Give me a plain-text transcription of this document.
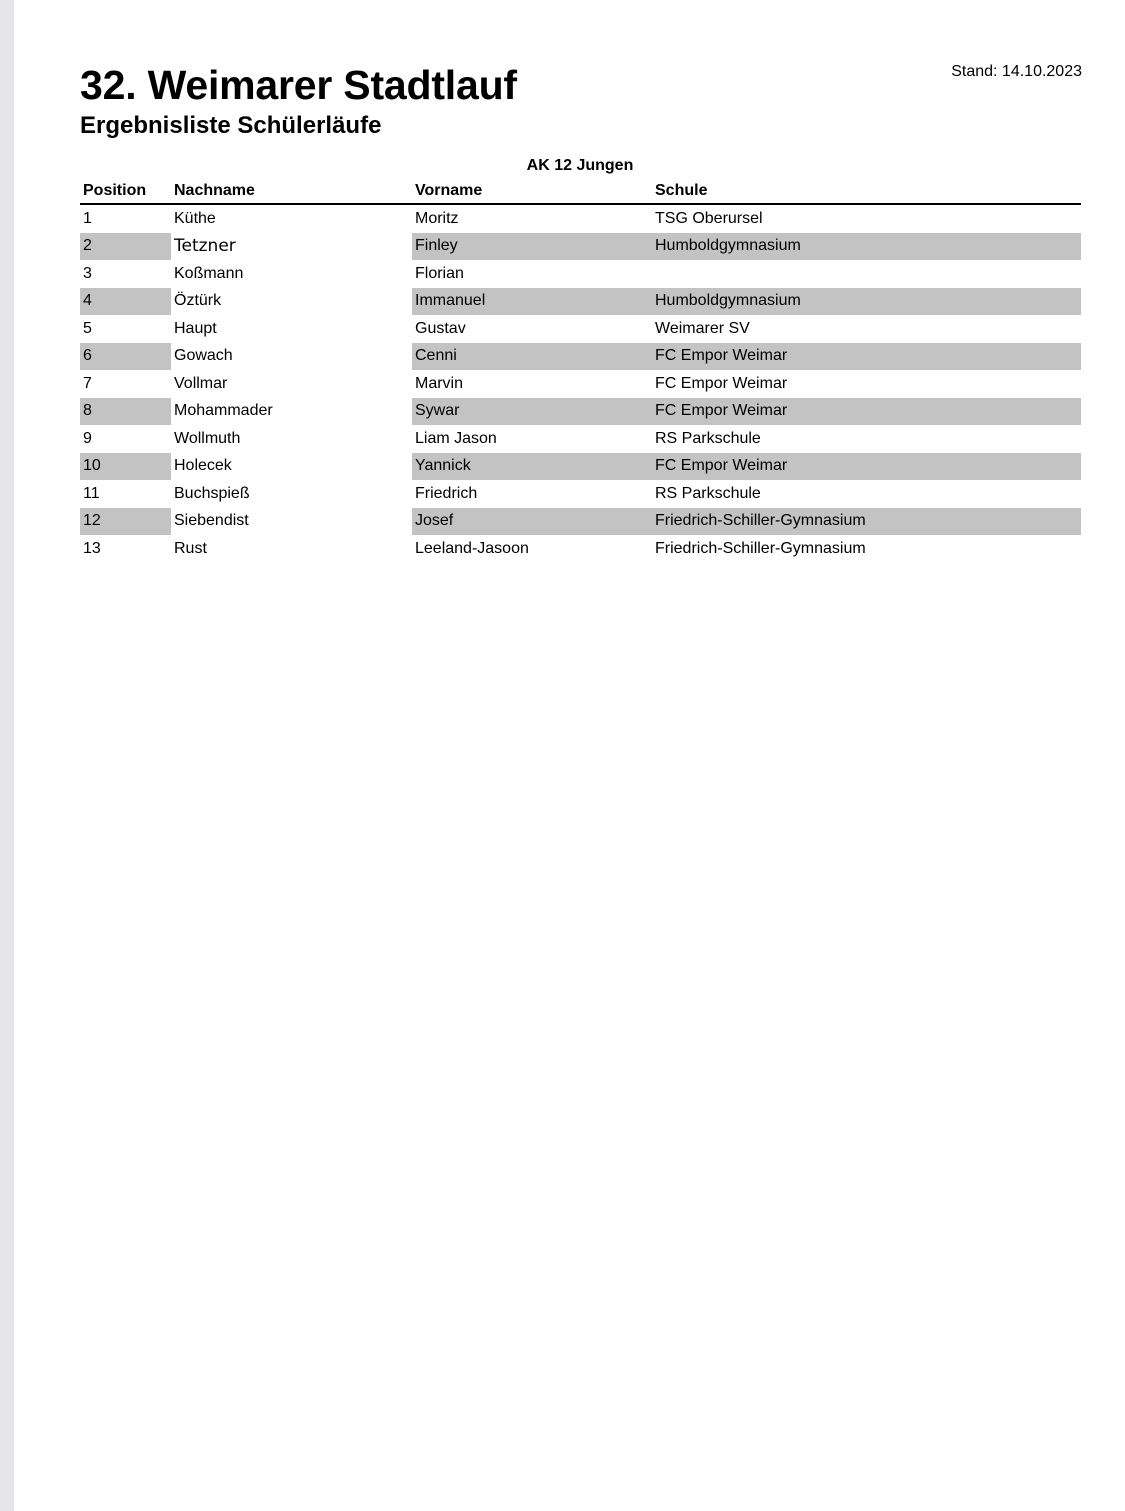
32. Weimarer Stadtlauf
Ergebnisliste Schülerläufe
Stand: 14.10.2023
AK 12 Jungen
Position	Nachname	Vorname	Schule
1	Küthe	Moritz	TSG Oberursel
2	Tetzner	Finley	Humboldgymnasium
3	Koßmann	Florian	
4	Öztürk	Immanuel	Humboldgymnasium
5	Haupt	Gustav	Weimarer SV
6	Gowach	Cenni	FC Empor Weimar
7	Vollmar	Marvin	FC Empor Weimar
8	Mohammader	Sywar	FC Empor Weimar
9	Wollmuth	Liam Jason	RS Parkschule
10	Holecek	Yannick	FC Empor Weimar
11	Buchspieß	Friedrich	RS Parkschule
12	Siebendist	Josef	Friedrich-Schiller-Gymnasium
13	Rust	Leeland-Jasoon	Friedrich-Schiller-Gymnasium
